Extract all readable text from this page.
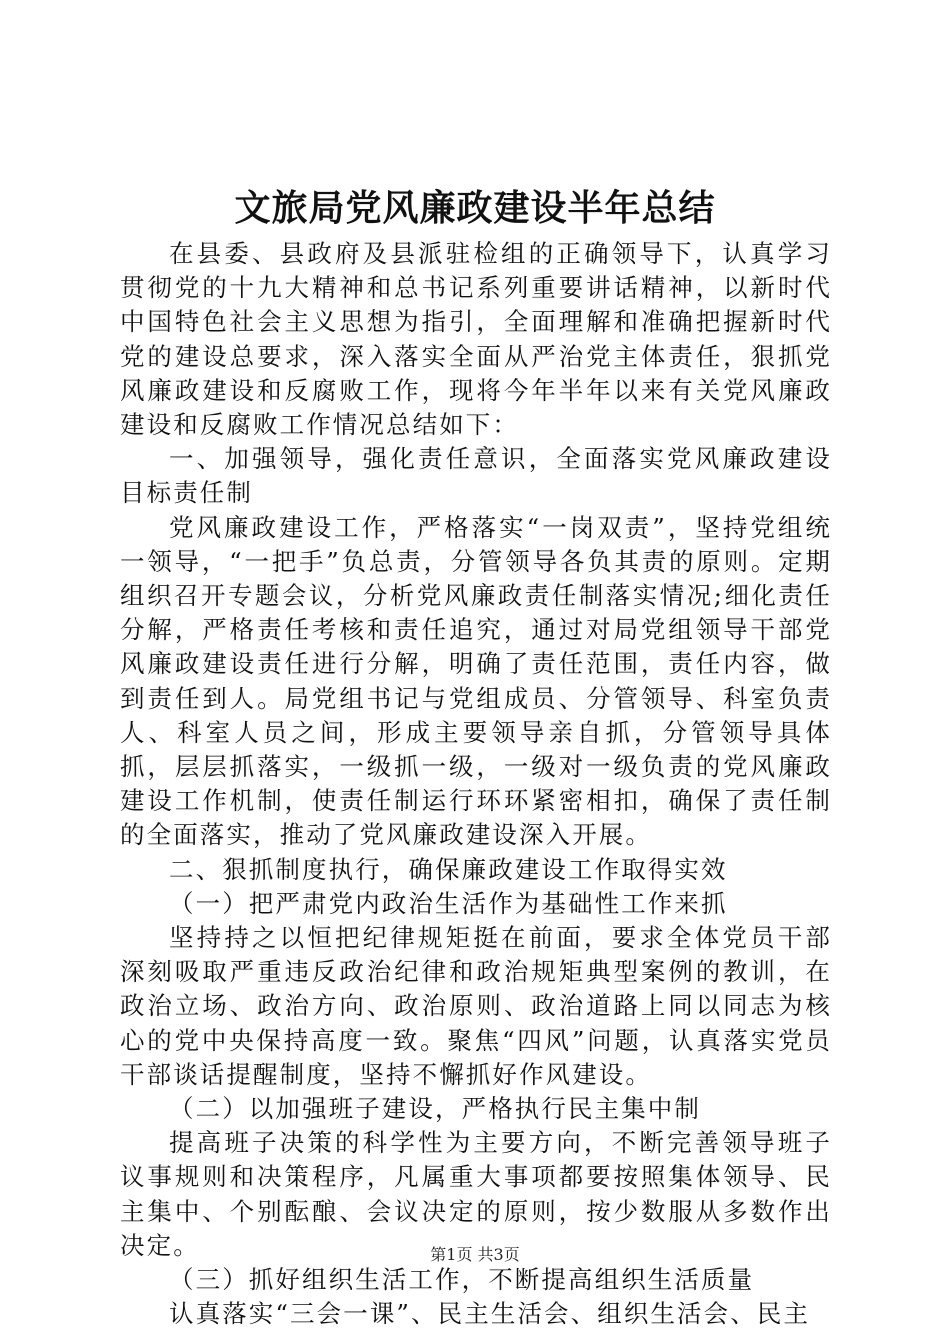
文旅局党风廉政建设半年总结

在县委、县政府及县派驻检组的正确领导下，认真学习贯彻党的十九大精神和总书记系列重要讲话精神，以新时代中国特色社会主义思想为指引，全面理解和准确把握新时代党的建设总要求，深入落实全面从严治党主体责任，狠抓党风廉政建设和反腐败工作，现将今年半年以来有关党风廉政建设和反腐败工作情况总结如下：

一、加强领导，强化责任意识，全面落实党风廉政建设目标责任制

党风廉政建设工作，严格落实“一岗双责”，坚持党组统一领导，“一把手”负总责，分管领导各负其责的原则。定期组织召开专题会议，分析党风廉政责任制落实情况;细化责任分解，严格责任考核和责任追究，通过对局党组领导干部党风廉政建设责任进行分解，明确了责任范围，责任内容，做到责任到人。局党组书记与党组成员、分管领导、科室负责人、科室人员之间，形成主要领导亲自抓，分管领导具体抓，层层抓落实，一级抓一级，一级对一级负责的党风廉政建设工作机制，使责任制运行环环紧密相扣，确保了责任制的全面落实，推动了党风廉政建设深入开展。

二、狠抓制度执行，确保廉政建设工作取得实效

（一）把严肃党内政治生活作为基础性工作来抓

坚持持之以恒把纪律规矩挺在前面，要求全体党员干部深刻吸取严重违反政治纪律和政治规矩典型案例的教训，在政治立场、政治方向、政治原则、政治道路上同以同志为核心的党中央保持高度一致。聚焦“四风”问题，认真落实党员干部谈话提醒制度，坚持不懈抓好作风建设。

（二）以加强班子建设，严格执行民主集中制

提高班子决策的科学性为主要方向，不断完善领导班子议事规则和决策程序，凡属重大事项都要按照集体领导、民主集中、个别酝酿、会议决定的原则，按少数服从多数作出决定。

（三）抓好组织生活工作，不断提高组织生活质量

认真落实“三会一课”、民主生活会、组织生活会、民主

第1页 共3页
